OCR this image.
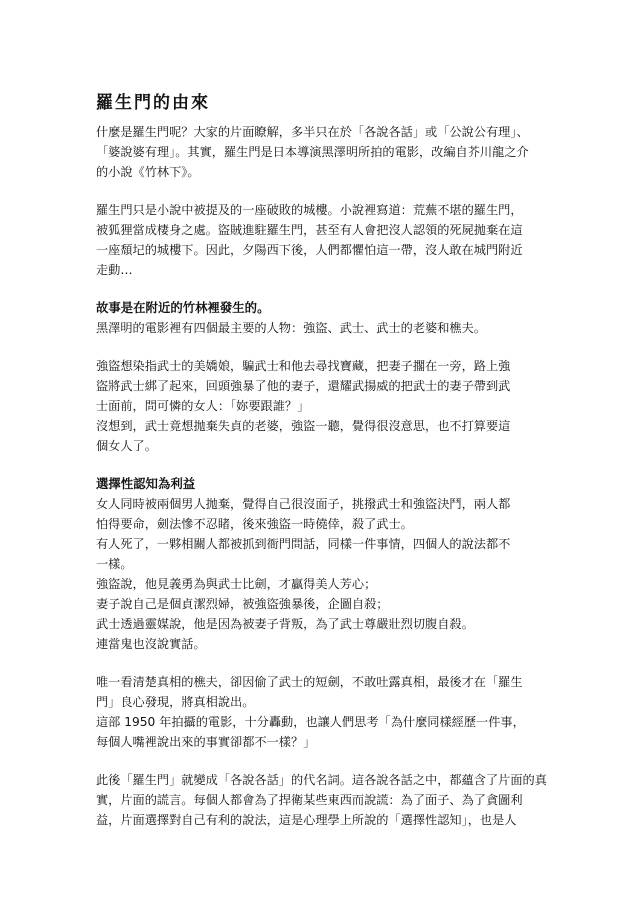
羅生門的由來
什麼是羅生門呢？大家的片面瞭解，多半只在於「各說各話」或「公說公有理」、
「婆說婆有理」。其實，羅生門是日本導演黑澤明所拍的電影，改編自芥川龍之介
的小說《竹林下》。
羅生門只是小說中被提及的一座破敗的城樓。小說裡寫道：荒蕪不堪的羅生門，
被狐狸當成棲身之處。盜賊進駐羅生門，甚至有人會把沒人認領的死屍拋棄在這
一座頹圮的城樓下。因此，夕陽西下後，人們都懼怕這一帶，沒人敢在城門附近
走動…
故事是在附近的竹林裡發生的。
黑澤明的電影裡有四個最主要的人物：強盜、武士、武士的老婆和樵夫。
強盜想染指武士的美嬌娘，騙武士和他去尋找寶藏，把妻子擱在一旁，路上強
盜將武士綁了起來，回頭強暴了他的妻子，還耀武揚威的把武士的妻子帶到武
士面前，問可憐的女人：「妳要跟誰？」
沒想到，武士竟想拋棄失貞的老婆，強盜一聽，覺得很沒意思，也不打算要這
個女人了。
選擇性認知為利益
女人同時被兩個男人拋棄，覺得自己很沒面子，挑撥武士和強盜決鬥，兩人都
怕得要命，劍法慘不忍睹，後來強盜一時僥倖，殺了武士。
有人死了，一夥相關人都被抓到衙門問話，同樣一件事情，四個人的說法都不
一樣。
強盜說，他見義勇為與武士比劍，才贏得美人芳心；
妻子說自己是個貞潔烈婦，被強盜強暴後，企圖自殺；
武士透過靈媒說，他是因為被妻子背叛，為了武士尊嚴壯烈切腹自殺。
連當鬼也沒說實話。
唯一看清楚真相的樵夫，卻因偷了武士的短劍，不敢吐露真相，最後才在「羅生
門」良心發現，將真相說出。
這部 1950 年拍攝的電影，十分轟動，也讓人們思考「為什麼同樣經歷一件事，
每個人嘴裡說出來的事實卻都不一樣？」
此後「羅生門」就變成「各說各話」的代名詞。這各說各話之中，都蘊含了片面的真
實，片面的謊言。每個人都會為了捍衛某些東西而說謊：為了面子、為了貪圖利
益，片面選擇對自己有利的說法，這是心理學上所說的「選擇性認知」，也是人
